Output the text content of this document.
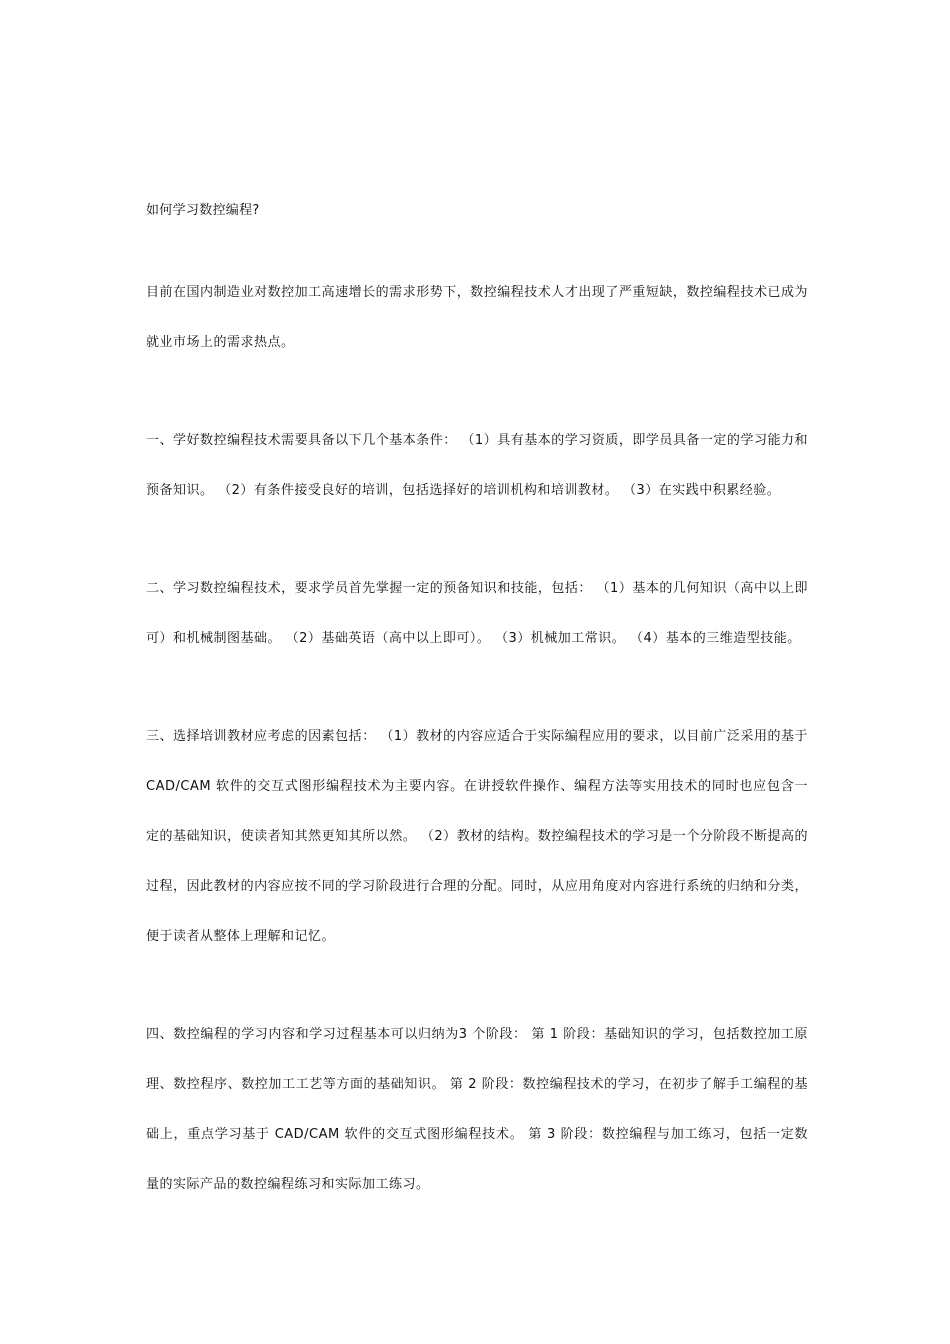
如何学习数控编程?

目前在国内制造业对数控加工高速增长的需求形势下，数控编程技术人才出现了严重短缺，数控编程技术已成为就业市场上的需求热点。

一、学好数控编程技术需要具备以下几个基本条件： （1）具有基本的学习资质，即学员具备一定的学习能力和预备知识。 （2）有条件接受良好的培训，包括选择好的培训机构和培训教材。 （3）在实践中积累经验。

二、学习数控编程技术，要求学员首先掌握一定的预备知识和技能，包括： （1）基本的几何知识（高中以上即可）和机械制图基础。 （2）基础英语（高中以上即可）。 （3）机械加工常识。 （4）基本的三维造型技能。

三、选择培训教材应考虑的因素包括： （1）教材的内容应适合于实际编程应用的要求，以目前广泛采用的基于 CAD/CAM 软件的交互式图形编程技术为主要内容。在讲授软件操作、编程方法等实用技术的同时也应包含一定的基础知识，使读者知其然更知其所以然。 （2）教材的结构。数控编程技术的学习是一个分阶段不断提高的过程，因此教材的内容应按不同的学习阶段进行合理的分配。同时，从应用角度对内容进行系统的归纳和分类，便于读者从整体上理解和记忆。

四、数控编程的学习内容和学习过程基本可以归纳为3 个阶段： 第 1 阶段：基础知识的学习，包括数控加工原理、数控程序、数控加工工艺等方面的基础知识。 第 2 阶段：数控编程技术的学习，在初步了解手工编程的基础上，重点学习基于 CAD/CAM 软件的交互式图形编程技术。 第 3 阶段：数控编程与加工练习，包括一定数量的实际产品的数控编程练习和实际加工练习。
